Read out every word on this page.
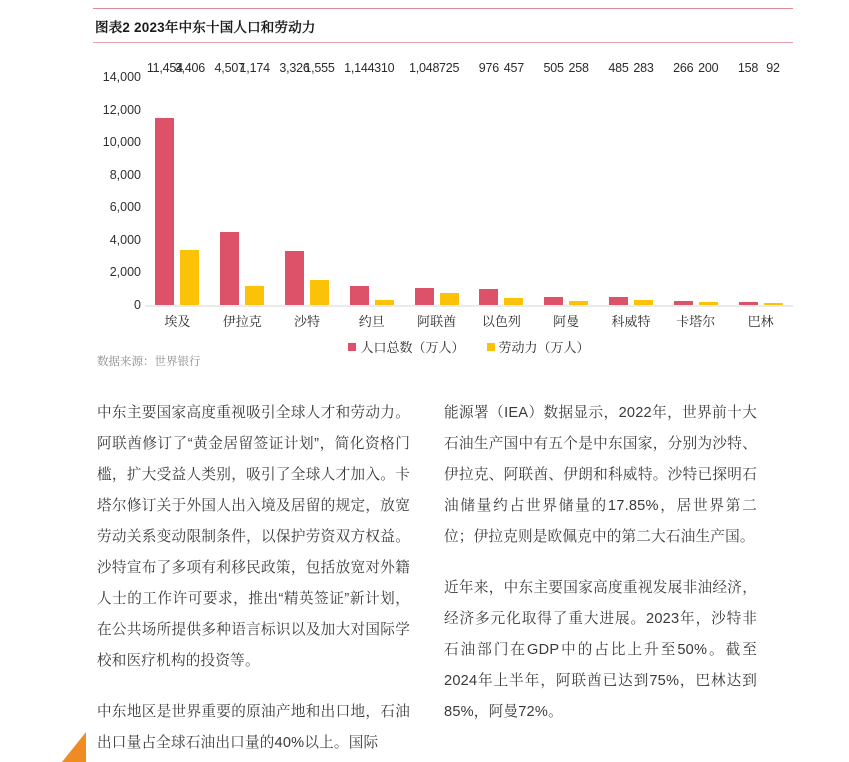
图表2 2023年中东十国人口和劳动力
14,000
12,000
10,000
8,000
6,000
4,000
2,000
0
11,454
3,406 4,507
1,174 3,326
1,555 1,144 310 1,048 725 976 457 505 258 485 283 266 200 158 92
埃及	伊拉克	沙特	约旦	阿联酋	以色列	阿曼	科威特	卡塔尔	巴林
人口总数（万人）	劳动力（万人）
数据来源：世界银行

中东主要国家高度重视吸引全球人才和劳动力。阿联酋修订了“黄金居留签证计划”，简化资格门槛，扩大受益人类别，吸引了全球人才加入。卡塔尔修订关于外国人出入境及居留的规定，放宽劳动关系变动限制条件，以保护劳资双方权益。沙特宣布了多项有利移民政策，包括放宽对外籍人士的工作许可要求，推出“精英签证”新计划，在公共场所提供多种语言标识以及加大对国际学校和医疗机构的投资等。

中东地区是世界重要的原油产地和出口地，石油出口量占全球石油出口量的40%以上。国际

能源署（IEA）数据显示，2022年，世界前十大石油生产国中有五个是中东国家，分别为沙特、伊拉克、阿联酋、伊朗和科威特。沙特已探明石油储量约占世界储量的17.85%，居世界第二位；伊拉克则是欧佩克中的第二大石油生产国。

近年来，中东主要国家高度重视发展非油经济，经济多元化取得了重大进展。2023年，沙特非石油部门在GDP中的占比上升至50%。截至2024年上半年，阿联酋已达到75%，巴林达到85%，阿曼72%。
